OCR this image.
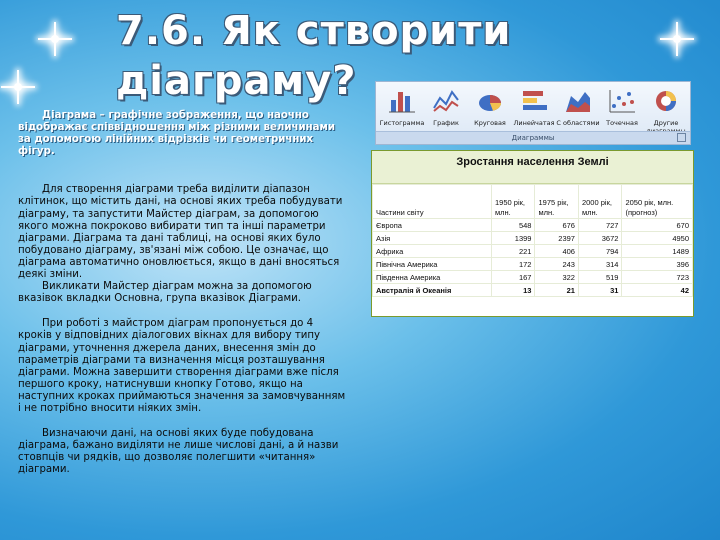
7.6. Як створити
діаграму?

Діаграма – графічне зображення, що наочно відображає співвідношення між різними величинами за допомогою лінійних відрізків чи геометричних фігур.

Для створення діаграми треба виділити діапазон клітинок, що містить дані, на основі яких треба побудувати діаграму, та запустити Майстер діаграм, за допомогою якого можна покроково вибирати тип та інші параметри діаграми. Діаграма та дані таблиці, на основі яких було побудовано діаграму, зв'язані між собою. Це означає, що діаграма автоматично оновлюється, якщо в дані вносяться деякі зміни.

Викликати Майстер діаграм можна за допомогою вказівок вкладки Основна, група вказівок Діаграми.

При роботі з майстром діаграм пропонується до 4 кроків у відповідних діалогових вікнах для вибору типу діаграми, уточнення джерела даних, внесення змін до параметрів діаграми та визначення місця розташування діаграми. Можна завершити створення діаграми вже після першого кроку, натиснувши кнопку Готово, якщо на наступних кроках приймаються значення за замовчуванням і не потрібно вносити ніяких змін.

Визначаючи дані, на основі яких буде побудована діаграма, бажано виділяти не лише числові дані, а й назви стовпців чи рядків, що дозволяє полегшити «читання» діаграми.

Гистограмма	График	Круговая	Линейчатая С областями	Точечная	Другие
Диаграммы
Зростання населення Землі
Частини світу	1950 рік, млн.	1975 рік, млн.	2000 рік, млн.	2050 рік, млн. (прогноз)
Європа	548	676	727	670
Азія	1399	2397	3672	4950
Африка	221	406	794	1489
Північна Америка	172	243	314	396
Південна Америка	167	322	519	723
Австралія й Океанія	13	21	31	42
